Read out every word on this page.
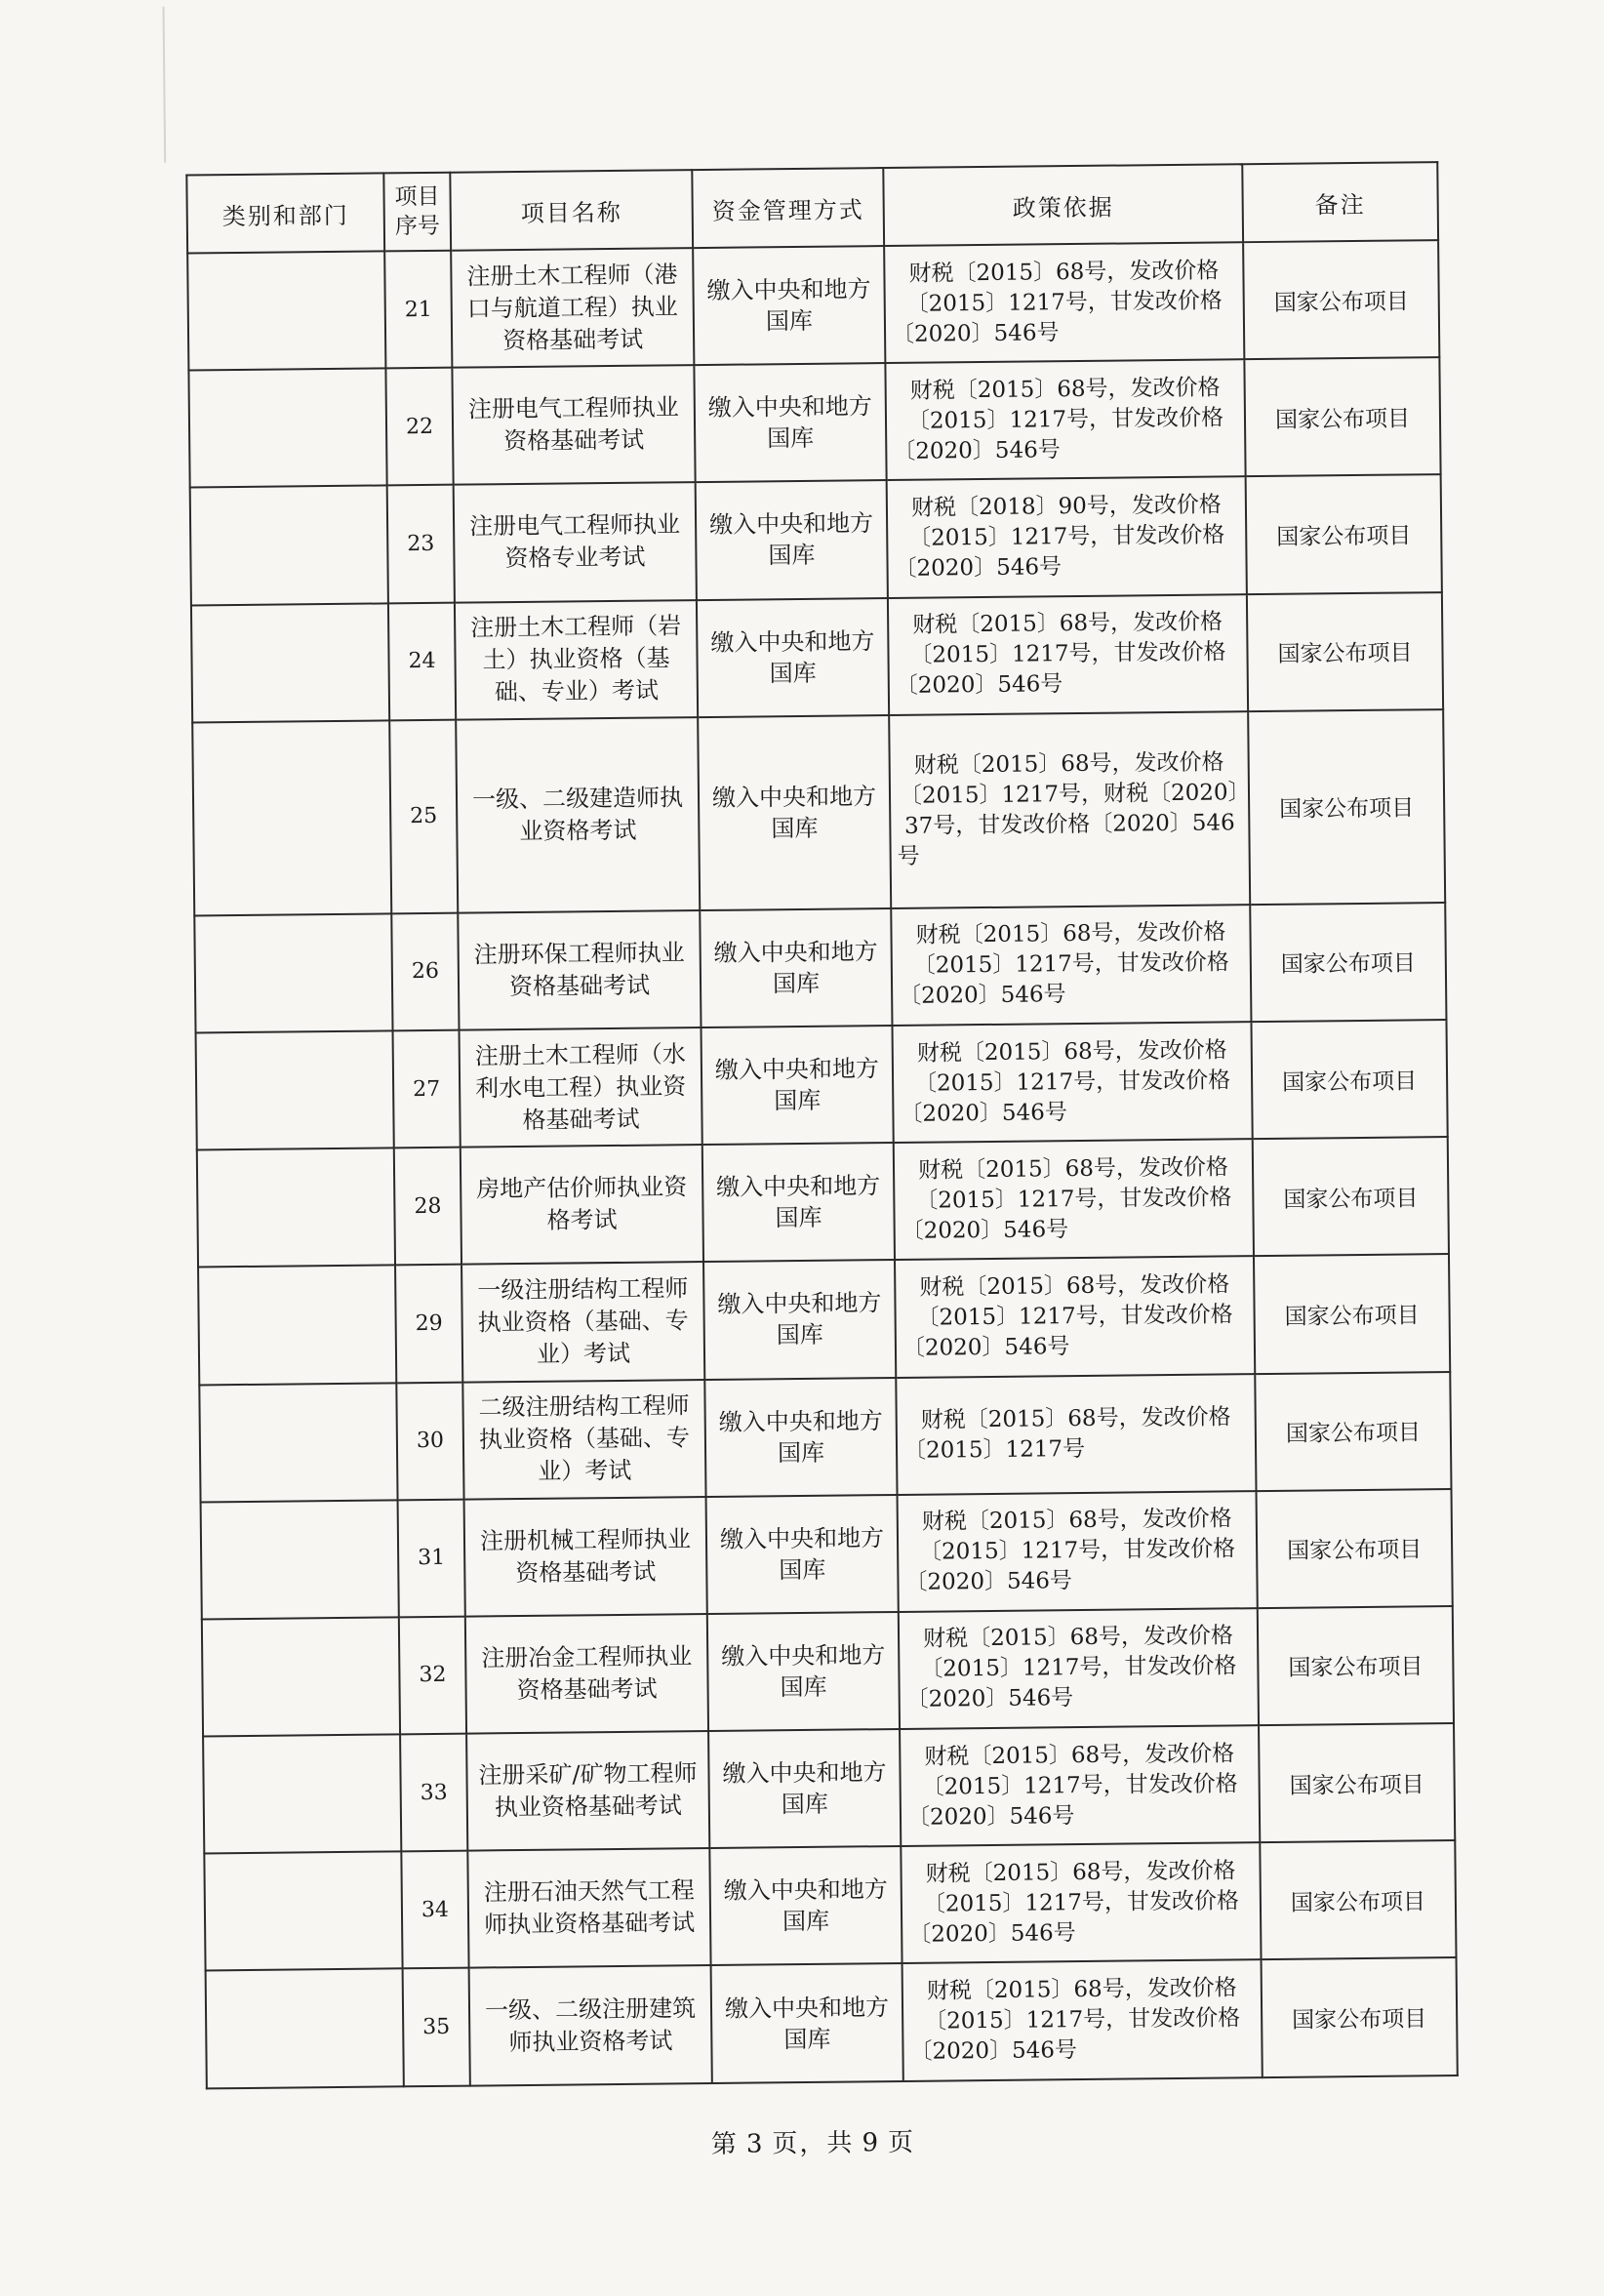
类别和部门	项目序号	项目名称	资金管理方式	政策依据	备注
	21	注册土木工程师（港口与航道工程）执业资格基础考试	缴入中央和地方国库	财税〔2015〕68号，发改价格〔2015〕1217号，甘发改价格〔2020〕546号	国家公布项目
	22	注册电气工程师执业资格基础考试	缴入中央和地方国库	财税〔2015〕68号，发改价格〔2015〕1217号，甘发改价格〔2020〕546号	国家公布项目
	23	注册电气工程师执业资格专业考试	缴入中央和地方国库	财税〔2018〕90号，发改价格〔2015〕1217号，甘发改价格〔2020〕546号	国家公布项目
	24	注册土木工程师（岩土）执业资格（基础、专业）考试	缴入中央和地方国库	财税〔2015〕68号，发改价格〔2015〕1217号，甘发改价格〔2020〕546号	国家公布项目
	25	一级、二级建造师执业资格考试	缴入中央和地方国库	财税〔2015〕68号，发改价格〔2015〕1217号，财税〔2020〕37号，甘发改价格〔2020〕546号	国家公布项目
	26	注册环保工程师执业资格基础考试	缴入中央和地方国库	财税〔2015〕68号，发改价格〔2015〕1217号，甘发改价格〔2020〕546号	国家公布项目
	27	注册土木工程师（水利水电工程）执业资格基础考试	缴入中央和地方国库	财税〔2015〕68号，发改价格〔2015〕1217号，甘发改价格〔2020〕546号	国家公布项目
	28	房地产估价师执业资格考试	缴入中央和地方国库	财税〔2015〕68号，发改价格〔2015〕1217号，甘发改价格〔2020〕546号	国家公布项目
	29	一级注册结构工程师执业资格（基础、专业）考试	缴入中央和地方国库	财税〔2015〕68号，发改价格〔2015〕1217号，甘发改价格〔2020〕546号	国家公布项目
	30	二级注册结构工程师执业资格（基础、专业）考试	缴入中央和地方国库	财税〔2015〕68号，发改价格〔2015〕1217号	国家公布项目
	31	注册机械工程师执业资格基础考试	缴入中央和地方国库	财税〔2015〕68号，发改价格〔2015〕1217号，甘发改价格〔2020〕546号	国家公布项目
	32	注册冶金工程师执业资格基础考试	缴入中央和地方国库	财税〔2015〕68号，发改价格〔2015〕1217号，甘发改价格〔2020〕546号	国家公布项目
	33	注册采矿/矿物工程师执业资格基础考试	缴入中央和地方国库	财税〔2015〕68号，发改价格〔2015〕1217号，甘发改价格〔2020〕546号	国家公布项目
	34	注册石油天然气工程师执业资格基础考试	缴入中央和地方国库	财税〔2015〕68号，发改价格〔2015〕1217号，甘发改价格〔2020〕546号	国家公布项目
	35	一级、二级注册建筑师执业资格考试	缴入中央和地方国库	财税〔2015〕68号，发改价格〔2015〕1217号，甘发改价格〔2020〕546号	国家公布项目
第 3 页，共 9 页
